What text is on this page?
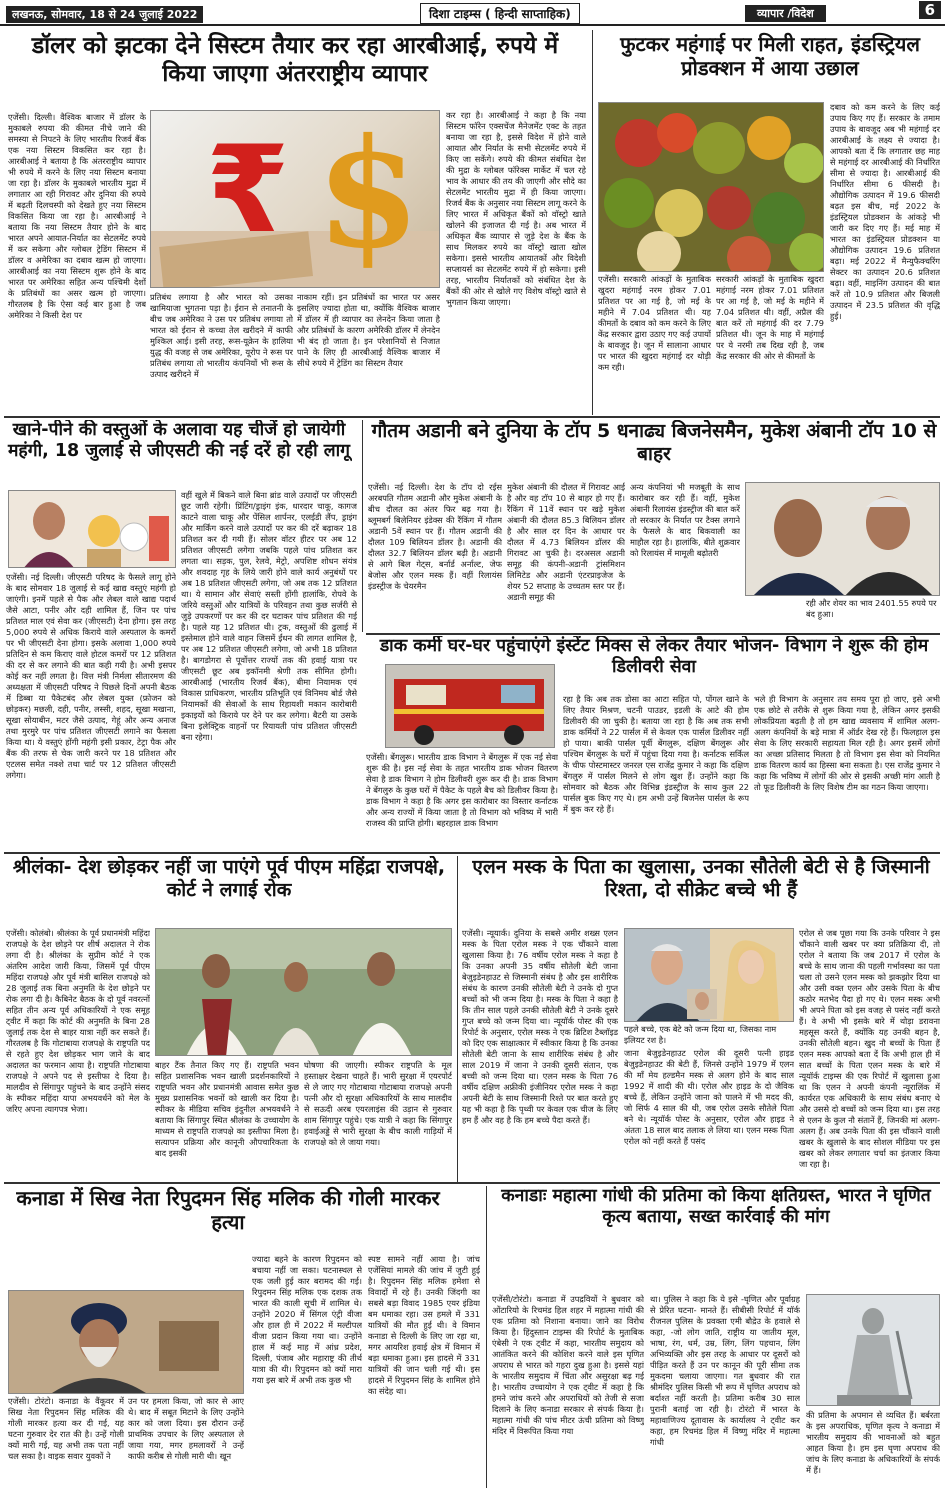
लखनऊ, सोमवार, 18 से 24 जुलाई 2022	दिशा टाइम्स ( हिन्दी साप्ताहिक)	व्यापार /विदेश	6
डॉलर को झटका देने सिस्टम तैयार कर रहा आरबीआई, रुपये में किया जाएगा अंतरराष्ट्रीय व्यापार
एजेंसी। दिल्ली। वैश्विक बाजार में डॉलर के मुकाबले रुपया की कीमत नीचे जाने की समस्या से निपटने के लिए भारतीय रिजर्व बैंक एक नया सिस्टम विकसित कर रहा है। आरबीआई ने बताया है कि अंतरराष्ट्रीय व्यापार भी रुपये में करने के लिए नया सिस्टम बनाया जा रहा है। डॉलर के मुकाबले भारतीय मुद्रा में लगातार आ रही गिरावट और दुनिया की रुपये में बढ़ती दिलचस्पी को देखते हुए नया सिस्टम विकसित किया जा रहा है। आरबीआई ने बताया कि नया सिस्टम तैयार होने के बाद भारत अपने आयात-निर्यात का सेटलमेंट रुपये में कर सकेगा और ग्लोबल ट्रेडिंग सिस्टम में डॉलर व अमेरिका का दबाव खत्म हो जाएगा। आरबीआई का नया सिस्टम शुरू होने के बाद भारत पर अमेरिका सहित अन्य पश्चिमी देशों के प्रतिबंधों का असर खत्म हो जाएगा। गौरतलब है कि ऐसा कई बार हुआ है जब अमेरिका ने किसी देश पर
₹ $
प्रतिबंध लगाया है और भारत को उसका खामियाजा भुगतना पड़ा है। ईरान से तनातनी के बीच जब अमेरिका ने उस पर प्रतिबंध लगाया तो भारत को ईरान से कच्चा तेल खरीदने में काफी मुश्किल आई। इसी तरह, रूस-यूक्रेन के हालिया युद्ध की वजह से जब अमेरिका, यूरोप ने रूस पर प्रतिबंध लगाया तो भारतीय कंपनियों भी रूस के उत्पाद खरीदने में
नाकाम रहीं। इन प्रतिबंधों का भारत पर असर इसलिए ज्यादा होता था, क्योंकि वैश्विक बाजार में डॉलर में ही व्यापार का लेनदेन किया जाता है और प्रतिबंधों के कारण अमेरिकी डॉलर में लेनदेन भी बंद हो जाता है। इन परेशानियों से निजात पाने के लिए ही आरबीआई वैश्विक बाजार में सीधे रुपये में ट्रेडिंग का सिस्टम तैयार
कर रहा है। आरबीआई ने कहा है कि नया सिस्टम फॉरेन एक्सचेंज मैनेजमेंट एक्ट के तहत बनाया जा रहा है, इससे विदेश में होने वाले आयात और निर्यात के सभी सेटलमेंट रुपये में किए जा सकेंगे। रुपये की कीमत संबंधित देश की मुद्रा के ग्लोबल फॉरेक्स मार्केट में चल रहे भाव के आधार की तय की जाएगी और सौदे का सेटलमेंट भारतीय मुद्रा में ही किया जाएगा। रिजर्व बैंक के अनुसार नया सिस्टम लागू करने के लिए भारत में अधिकृत बैंकों को वॉस्ट्रो खाते खोलने की इजाजत दी गई है। अब भारत में अधिकृत बैंक व्यापार से जुड़े देश के बैंक के साथ मिलकर रुपये का वॉस्ट्रो खाता खोल सकेगा। इससे भारतीय आयातकों और विदेशी सप्लायर्स का सेटलमेंट रुपये में हो सकेगा। इसी तरह, भारतीय निर्यातकों को संबंधित देश के बैंकों की ओर से खोले गए विशेष वॉस्ट्रो खाते से भुगतान किया जाएगा।
फुटकर महंगाई पर मिली राहत, इंडस्ट्रियल प्रोडक्शन में आया उछाल
एजेंसी। सरकारी आंकड़ों के मुताबिक खुदरा महंगाई नरम होकर 7.01 प्रतिशत पर आ गई है, जो मई के महीने में 7.04 प्रतिशत थी। यह कीमतों के दबाव को कम करने के लिए केंद्र सरकार द्वारा उठाए गए कई उपायों के बावजूद है। जून में सालाना आधार पर भारत की खुदरा महंगाई दर थोड़ी कम रही।
सरकारी आंकड़ों के मुताबिक खुदरा महंगाई नरम होकर 7.01 प्रतिशत पर आ गई है, जो मई के महीने में 7.04 प्रतिशत थी। वहीं, अप्रैल की बात करें तो महंगाई की दर 7.79 प्रतिशत थी। जून के माह में महंगाई पर ये नरमी तब दिख रही है, जब केंद्र सरकार की ओर से कीमतों के
दबाव को कम करने के लिए कई उपाय किए गए हैं। सरकार के तमाम उपाय के बावजूद अब भी महंगाई दर आरबीआई के लक्ष्य से ज्यादा है। आपको बता दें कि लगातार छह माह से महंगाई दर आरबीआई की निर्धारित सीमा से ज्यादा है। आरबीआई की निर्धारित सीमा 6 फीसदी है। औद्योगिक उत्पादन में 19.6 फीसदी बढ़त इस बीच, मई 2022 के इंडस्ट्रियल प्रोडक्शन के आंकड़े भी जारी कर दिए गए हैं। मई माह में भारत का इंडस्ट्रियल प्रोडक्शन या औद्योगिक उत्पादन 19.6 प्रतिशत बढ़ा। मई 2022 में मैन्युफैक्चरिंग सेक्टर का उत्पादन 20.6 प्रतिशत बढ़ा। वहीं, माइनिंग उत्पादन की बात करें तो 10.9 प्रतिशत और बिजली उत्पादन में 23.5 प्रतिशत की वृद्धि हुई।
खाने-पीने की वस्तुओं के अलावा यह चीजें हो जायेगी महंगी, 18 जुलाई से जीएसटी की नई दरें हो रही लागू
एजेंसी। नई दिल्ली। जीएसटी परिषद के फैसले लागू होने के बाद सोमवार 18 जुलाई से कई खाद्य वस्तुएं महंगी हो जाएंगी। इनमें पहले से पैक और लेबल वाले खाद्य पदार्थ जैसे आटा, पनीर और दही शामिल हैं, जिन पर पांच प्रतिशत माल एवं सेवा कर (जीएसटी) देना होगा। इस तरह 5,000 रुपये से अधिक किराये वाले अस्पताल के कमरों पर भी जीएसटी देना होगा। इसके अलावा 1,000 रुपये प्रतिदिन से कम किराए वाले होटल कमरों पर 12 प्रतिशत की दर से कर लगाने की बात कही गयी है। अभी इसपर कोई कर नहीं लगता है। वित्त मंत्री निर्मला सीतारमण की अध्यक्षता में जीएसटी परिषद ने पिछले दिनों अपनी बैठक में डिब्बा या पैकेटबंद और लेबल युक्त (फ्रोजन को छोड़कर) मछली, दही, पनीर, लस्सी, शहद, सूखा मखाना, सूखा सोयाबीन, मटर जैसे उत्पाद, गेहूं और अन्य अनाज तथा मुरमुरे पर पांच प्रतिशत जीएसटी लगाने का फैसला किया था। ये वस्तुएं होंगी महंगी इसी प्रकार, टेट्रा पैक और बैंक की तरफ से चेक जारी करने पर 18 प्रतिशत और एटलस समेत नक्शे तथा चार्ट पर 12 प्रतिशत जीएसटी लगेगा।
वहीं खुले में बिकने वाले बिना ब्रांड वाले उत्पादों पर जीएसटी छूट जारी रहेगी। प्रिंटिंग/ड्राइंग इंक, धारदार चाकू, कागज काटने वाला चाकू और पेंसिल शार्पनर, एलईडी लैंप, ड्राइंग और मार्किंग करने वाले उत्पादों पर कर की दरें बढ़ाकर 18 प्रतिशत कर दी गयी हैं। सोलर वॉटर हीटर पर अब 12 प्रतिशत जीएसटी लगेगा जबकि पहले पांच प्रतिशत कर लगता था। सड़क, पुल, रेलवे, मेट्रो, अपशिष्ट शोधन संयंत्र और शवदाह गृह के लिये जारी होने वाले कार्य अनुबंधों पर अब 18 प्रतिशत जीएसटी लगेगा, जो अब तक 12 प्रतिशत था। ये सामान और सेवाएं सस्ती होंगी हालांकि, रोपवे के जरिये वस्तुओं और यात्रियों के परिवहन तथा कुछ सर्जरी से जुड़े उपकरणों पर कर की दर घटाकर पांच प्रतिशत की गई है। पहले यह 12 प्रतिशत थी। ट्रक, वस्तुओं की ढुलाई में इस्तेमाल होने वाले वाहन जिसमें ईंधन की लागत शामिल है, पर अब 12 प्रतिशत जीएसटी लगेगा, जो अभी 18 प्रतिशत है। बागडोगरा से पूर्वोत्तर राज्यों तक की हवाई यात्रा पर जीएसटी छूट अब इकॉनमी श्रेणी तक सीमित होगी। आरबीआई (भारतीय रिजर्व बैंक), बीमा नियामक एवं विकास प्राधिकरण, भारतीय प्रतिभूति एवं विनिमय बोर्ड जैसे नियामकों की सेवाओं के साथ रिहायशी मकान कारोबारी इकाइयों को किराये पर देने पर कर लगेगा। बैटरी या उसके बिना इलेक्ट्रिक वाहनों पर रियायती पांच प्रतिशत जीएसटी बना रहेगा।
गौतम अडानी बने दुनिया के टॉप 5 धनाढ्य बिजनेसमैन, मुकेश अंबानी टॉप 10 से बाहर
एजेंसी। नई दिल्ली। देश के टॉप दो रईस अरबपति गौतम अडानी और मुकेश अंबानी के बीच दौलत का अंतर फिर बढ़ गया है। ब्लूमबर्ग बिलेनियर इंडेक्स की रैंकिंग में गौतम अडानी 5वें स्थान पर हैं। गौतम अडानी की दौलत 109 बिलियन डॉलर है। अडानी की दौलत 32.7 बिलियन डॉलर बढ़ी है। अडानी से आगे बिल गेट्स, बर्नार्ड अर्नाल्ट, जेफ बेजोस और एलन मस्क हैं। वहीं रिलायंस इंडस्ट्रीज के चेयरमैन
मुकेश अंबानी की दौलत में गिरावट आई है और वह टॉप 10 से बाहर हो गए हैं। रैंकिंग में 11वें स्थान पर खड़े मुकेश अंबानी की दौलत 85.3 बिलियन डॉलर है और साल दर दिन के आधार पर दौलत में 4.73 बिलियन डॉलर की गिरावट आ चुकी है। दरअसल अडानी समूह की कंपनी-अडानी ट्रांसमिशन लिमिटेड और अडानी एंटरप्राइजेज के शेयर 52 सप्ताह के उच्चतम स्तर पर हैं। अडानी समूह की
अन्य कंपनियां भी मजबूती के साथ कारोबार कर रही हैं। वहीं, मुकेश अंबानी रिलायंस इंडस्ट्रीज की बात करें तो सरकार के निर्यात पर टैक्स लगाने के फैसले के बाद बिकवाली का माहौल रहा है। हालांकि, बीते शुक्रवार को रिलायंस में मामूली बढ़ोतरी
रही और शेयर का भाव 2401.55 रुपये पर बंद हुआ।
डाक कर्मी घर-घर पहुंचाएंगे इंस्टेंट मिक्स से लेकर तैयार भोजन- विभाग ने शुरू की होम डिलीवरी सेवा
एजेंसी। बेंगलुरू। भारतीय डाक विभाग ने बेंगलुरू में एक नई सेवा शुरू की है। इस नई सेवा के तहत भारतीय डाक भोजन वितरण सेवा है डाक विभाग ने होम डिलीवरी शुरू कर दी है। डाक विभाग ने बेंगलुरु के कुछ घरों में पैकेट के पहले बैच को डिलीवर किया है। डाक विभाग ने कहा है कि अगर इस कारोबार का विस्तार कर्नाटक और अन्य राज्यों में किया जाता है तो विभाग को भविष्य में भारी राजस्व की प्राप्ति होगी। बहरहाल डाक विभाग
रहा है कि अब तक डोसा का आटा सहित पो, पोंगल खाने के लिए तैयार मिश्रण, चटनी पाउडर, इडली के आटे की होम डिलीवरी की जा चुकी है। बताया जा रहा है कि अब तक सभी डाक कर्मियों ने 22 पार्सल में से केवल एक पार्सल डिलीवर नहीं हो पाया। बाकी पार्सल पूर्वी बेंगलुरू, दक्षिण बेंगलुरू और पश्चिम बेंगलुरू के घरों में पहुंचा दिया गया है। कर्नाटक सर्किल के चीफ पोस्टमास्टर जनरल एस राजेंद्र कुमार ने कहा कि दक्षिण बेंगलुरु में पार्सल मिलने से लोग खुश हैं। उन्होंने कहा कि सोमवार को बैठक और विभिन्न इंडस्ट्रीज के साथ कुल 22 पार्सल बुक किए गए थे। हम अभी उन्हें बिजनेस पार्सल के रूप में बुक कर रहे हैं।
भले ही विभाग के अनुसार तय समय पूरा हो जाए, इसे अभी एक छोटे से तरीके से शुरू किया गया है, लेकिन अगर इसकी लोकप्रियता बढ़ती है तो हम खाद्य व्यवसाय में शामिल अलग-अलग कंपनियों के बड़े मात्रा में ऑर्डर देख रहे हैं। फिलहाल इस सेवा के लिए सरकारी सहायता मिल रही है। अगर इसमें लोगों का अच्छा प्रतिसाद मिलता है तो विभाग इस सेवा को नियमित डाक वितरण कार्य का हिस्सा बना सकता है। एस राजेंद्र कुमार ने कहा कि भविष्य में लोगों की ओर से इसकी अच्छी मांग आती है तो फूड डिलीवरी के लिए विशेष टीम का गठन किया जाएगा।
श्रीलंका- देश छोड़कर नहीं जा पाएंगे पूर्व पीएम महिंद्रा राजपक्षे, कोर्ट ने लगाई रोक
एजेंसी। कोलंबो। श्रीलंका के पूर्व प्रधानमंत्री महिंदा राजपक्षे के देश छोड़ने पर शीर्ष अदालत ने रोक लगा दी है। श्रीलंका के सुप्रीम कोर्ट ने एक अंतरिम आदेश जारी किया, जिसमें पूर्व पीएम महिंदा राजपक्षे और पूर्व मंत्री बासिल राजपक्षे को 28 जुलाई तक बिना अनुमति के देश छोड़ने पर रोक लगा दी है। कैबिनेट बैठक के दो पूर्व नवरत्नों सहित तीन अन्य पूर्व अधिकारियों ने एक समूह ट्वीट में कहा कि कोर्ट की अनुमति के बिना 28 जुलाई तक देश से बाहर यात्रा नहीं कर सकते हैं। गौरतलब है कि गोटाबाया राजपक्षे के राष्ट्रपति पद से रहते हुए देश छोड़कर भाग जाने के बाद अदालत का फरमान आया है। राष्ट्रपति गोटाबाया राजपक्षे ने अपने पद से इस्तीफा दे दिया है। मालदीव से सिंगापुर पहुंचने के बाद उन्होंने संसद के स्पीकर महिंदा यापा अभयवर्धने को मेल के जरिए अपना त्यागपत्र भेजा।
बाहर टैंक तैनात किए गए हैं। राष्ट्रपति भवन सहित प्रशासनिक भवन खाली प्रदर्शनकारियों ने राष्ट्रपति भवन और प्रधानमंत्री आवास समेत कुछ मुख्य प्रशासनिक भवनों को खाली कर दिया है। स्पीकर के मीडिया सचिव इंदुनील अभयवर्धने ने बताया कि सिंगापुर स्थित श्रीलंका के उच्चायोग के माध्यम से राष्ट्रपति राजपक्षे का इस्तीफा मिला है। सत्यापन प्रक्रिया और कानूनी औपचारिकता के बाद इसकी
घोषणा की जाएगी। स्पीकर राष्ट्रपति के मूल हस्ताक्षर देखना चाहते हैं। भारी सुरक्षा में एयरपोर्ट से ले जाए गए गोटाबाया गोटाबाया राजपक्षे अपनी पत्नी और दो सुरक्षा अधिकारियों के साथ मालदीव से सऊदी अरब एयरलाइंस की उड़ान से गुरुवार शाम सिंगापुर पहुंचे। एक यात्री ने कहा कि सिंगापुर हवाईअड्डे से भारी सुरक्षा के बीच काली गाड़ियों में राजपक्षे को ले जाया गया।
एलन मस्क के पिता का खुलासा, उनका सौतेली बेटी से है जिस्मानी रिश्ता, दो सीक्रेट बच्चे भी हैं
एजेंसी। न्यूयार्क। दुनिया के सबसे अमीर शख्स एलन मस्क के पिता एरोल मस्क ने एक चौंकाने वाला खुलासा किया है। 76 वर्षीय एरोल मस्क ने कहा है कि उनका अपनी 35 वर्षीय सौतेली बेटी जाना बेजुइडेनहाउट से जिस्मानी संबंध है और इस शारीरिक संबंध के कारण उनकी सौतेली बेटी ने उनके दो गुप्त बच्चों को भी जन्म दिया है। मस्क के पिता ने कहा है कि तीन साल पहले उनकी सौतेली बेटी ने उनके दूसरे गुप्त बच्चे को जन्म दिया था। न्यूयॉर्क पोस्ट की एक रिपोर्ट के अनुसार, एरोल मस्क ने एक ब्रिटिश टैब्लॉइड को दिए एक साक्षात्कार में स्वीकार किया है कि उनका सौतेली बेटी जाना के साथ शारीरिक संबंध है और साल 2019 में जाना ने उनकी दूसरी संतान, एक बच्ची को जन्म दिया था। एलन मस्क के पिता 76 वर्षीय दक्षिण अफ्रीकी इंजीनियर एरोल मस्क ने कहा अपनी बेटी के साथ जिस्मानी रिश्ते पर बात करते हुए यह भी कहा है कि पृथ्वी पर केवल एक चीज के लिए हम हैं और वह है कि हम बच्चे पैदा करते हैं।
पहले बच्चे, एक बेटे को जन्म दिया था, जिसका नाम इलियट रश है।
जाना बेजुइडेनहाउट एरोल की दूसरी पत्नी हाइड बेजुइडेनहाउट की बेटी हैं, जिनसे उन्होंने 1979 में एलन की माँ मेय हल्डमैन मस्क से अलग होने के बाद साल 1992 में शादी की थी। एरोल और हाइड के दो जैविक बच्चे हैं, लेकिन उन्होंने जाना को पालने में भी मदद की, जो सिर्फ 4 साल की थी, जब एरोल उसके सौतेले पिता बने थे। न्यूयॉर्क पोस्ट के अनुसार, एरोल और हाइड ने अंततः 18 साल बाद तलाक ले लिया था। एलन मस्क पिता एरोल को नहीं करते हैं पसंद
एरोल से जब पूछा गया कि उनके परिवार ने इस चौंकाने वाली खबर पर क्या प्रतिक्रिया दी, तो एरोल ने बताया कि जब 2017 में एरोल के बच्चे के साथ जाना की पहली गर्भावस्था का पता चला तो उसने एलन मस्क को झकझोर दिया था और उसी वक्त एलन और उसके पिता के बीच कठोर मतभेद पैदा हो गए थे। एलन मस्क अभी भी अपने पिता को इस वजह से पसंद नहीं करते हैं। वे अभी भी इसके बारे में थोड़ा डरावना महसूस करते हैं, क्योंकि यह उनकी बहन है, उनकी सौतेली बहन। खुद नौ बच्चों के पिता हैं एलन मस्क आपको बता दें कि अभी हाल ही में सात बच्चों के पिता एलन मस्क के बारे में न्यूयॉर्क टाइम्स की एक रिपोर्ट में खुलासा हुआ था कि एलन ने अपनी कंपनी न्यूरालिंक में कार्यरत एक अधिकारी के साथ संबंध बनाए थे और उससे दो बच्चों को जन्म दिया था। इस तरह से एलन के कुल नौ संतानें हैं, जिनकी मां अलग-अलग हैं। अब उनके पिता की इस चौंकाने वाली खबर के खुलासे के बाद सोशल मीडिया पर इस खबर को लेकर लगातार चर्चा का इंतजार किया जा रहा है।
कनाडा में सिख नेता रिपुदमन सिंह मलिक की गोली मारकर हत्या
एजेंसी। टोरंटो। कनाडा के वैंकूवर में सिख नेता रिपुदमन सिंह मलिक की गोली मारकर हत्या कर दी गई, यह घटना गुरुवार देर रात की है। उन्हें गोली क्यों मारी गई, यह अभी तक पता नहीं चल सका है। वाइक सवार युवकों ने
उन पर हमला किया, जो कार से आए थे। बाद में सबूत मिटाने के लिए उन्होंने कार को जला दिया। इस दौरान उन्हें प्राथमिक उपचार के लिए अस्पताल ले जाया गया, मगर हमलावरों ने उन्हें काफी करीब से गोली मारी थी। खून
ज्यादा बहने के कारण रिपुदमन को बचाया नहीं जा सका। घटनास्थल से एक जली हुई कार बरामद की गई। रिपुदमन सिंह मलिक एक दशक तक भारत की काली सूची में शामिल थे। उन्होंने 2020 में सिंगल एंट्री वीजा और हाल ही में 2022 में मल्टीपल वीजा प्रदान किया गया था। उन्होंने हाल में कई माह में आंध्र प्रदेश, दिल्ली, पंजाब और महाराष्ट्र की तीर्थ यात्रा की थी। रिपुदमन को क्यों मारा गया इस बारे में अभी तक कुछ भी
स्पष्ट सामने नहीं आया है। जांच एजेंसियां मामले की जांच में जुटी हुई है। रिपुदमन सिंह मलिक हमेशा से विवादों में रहे हैं। उनकी जिंदगी का सबसे बड़ा विवाद 1985 एयर इंडिया बम धमाका रहा। उस हमले में 331 यात्रियों की मौत हुई थी। वे विमान कनाडा से दिल्ली के लिए जा रहा था, मगर आयरिश हवाई क्षेत्र में विमान में बड़ा धमाका हुआ। इस हादसे में 331 यात्रियों की जान चली गई थी। इस हादसे में रिपुदमन सिंह के शामिल होने का संदेह था।
कनाडाः महात्मा गांधी की प्रतिमा को किया क्षतिग्रस्त, भारत ने घृणित कृत्य बताया, सख्त कार्रवाई की मांग
एजेंसी/टोरंटो। कनाडा में उपद्रवियों ने बुधवार को ओंटारियो के रिचमंड हिल शहर में महात्मा गांधी की एक प्रतिमा को निशाना बनाया। जाने का विरोध किया है। हिंदुस्तान टाइम्स की रिपोर्ट के मुताबिक एंबेसी ने एक ट्वीट में कहा, भारतीय समुदाय को आतंकित करने की कोशिश करने वाले इस घृणित अपराध से भारत को गहरा दुख हुआ है। इससे यहां के भारतीय समुदाय में चिंता और असुरक्षा बढ़ गई है। भारतीय उच्चायोग ने एक ट्वीट में कहा है कि हमने जांच करने और अपराधियों को तेजी से सजा दिलाने के लिए कनाडा सरकार से संपर्क किया है। महात्मा गांधी की पांच मीटर ऊंची प्रतिमा को विष्णु मंदिर में विरूपित किया गया
था। पुलिस ने कहा कि ये इसे -घृणित और पूर्वाग्रह से प्रेरित घटना- मानते हैं। सीबीसी रिपोर्ट में यॉर्क रीजनल पुलिस के प्रवक्ता एमी बौद्रेउ के हवाले से कहा, -जो लोग जाति, राष्ट्रीय या जातीय मूल, भाषा, रंग, धर्म, उम्र, लिंग, लिंग पहचान, लिंग अभिव्यक्ति और इस तरह के आधार पर दूसरों को पीड़ित करते हैं उन पर कानून की पूरी सीमा तक मुकदमा चलाया जाएगा। गत बुधवार की रात श्रीमंदिर पुलिस किसी भी रूप में घृणित अपराध को बर्दाश्त नहीं करती है। प्रतिमा करीब 30 साल पुरानी बताई जा रही है। टोरंटो में भारत के महावाणिज्य दूतावास के कार्यालय ने ट्वीट कर कहा, हम रिचमंड हिल में विष्णु मंदिर में महात्मा गांधी
की प्रतिमा के अपमान से व्यथित हैं। बर्बरता के इस अपराधिक, घृणित कृत्य ने कनाडा में भारतीय समुदाय की भावनाओं को बहुत आहत किया है। हम इस घृणा अपराध की जांच के लिए कनाडा के अधिकारियों के संपर्क में हैं।
